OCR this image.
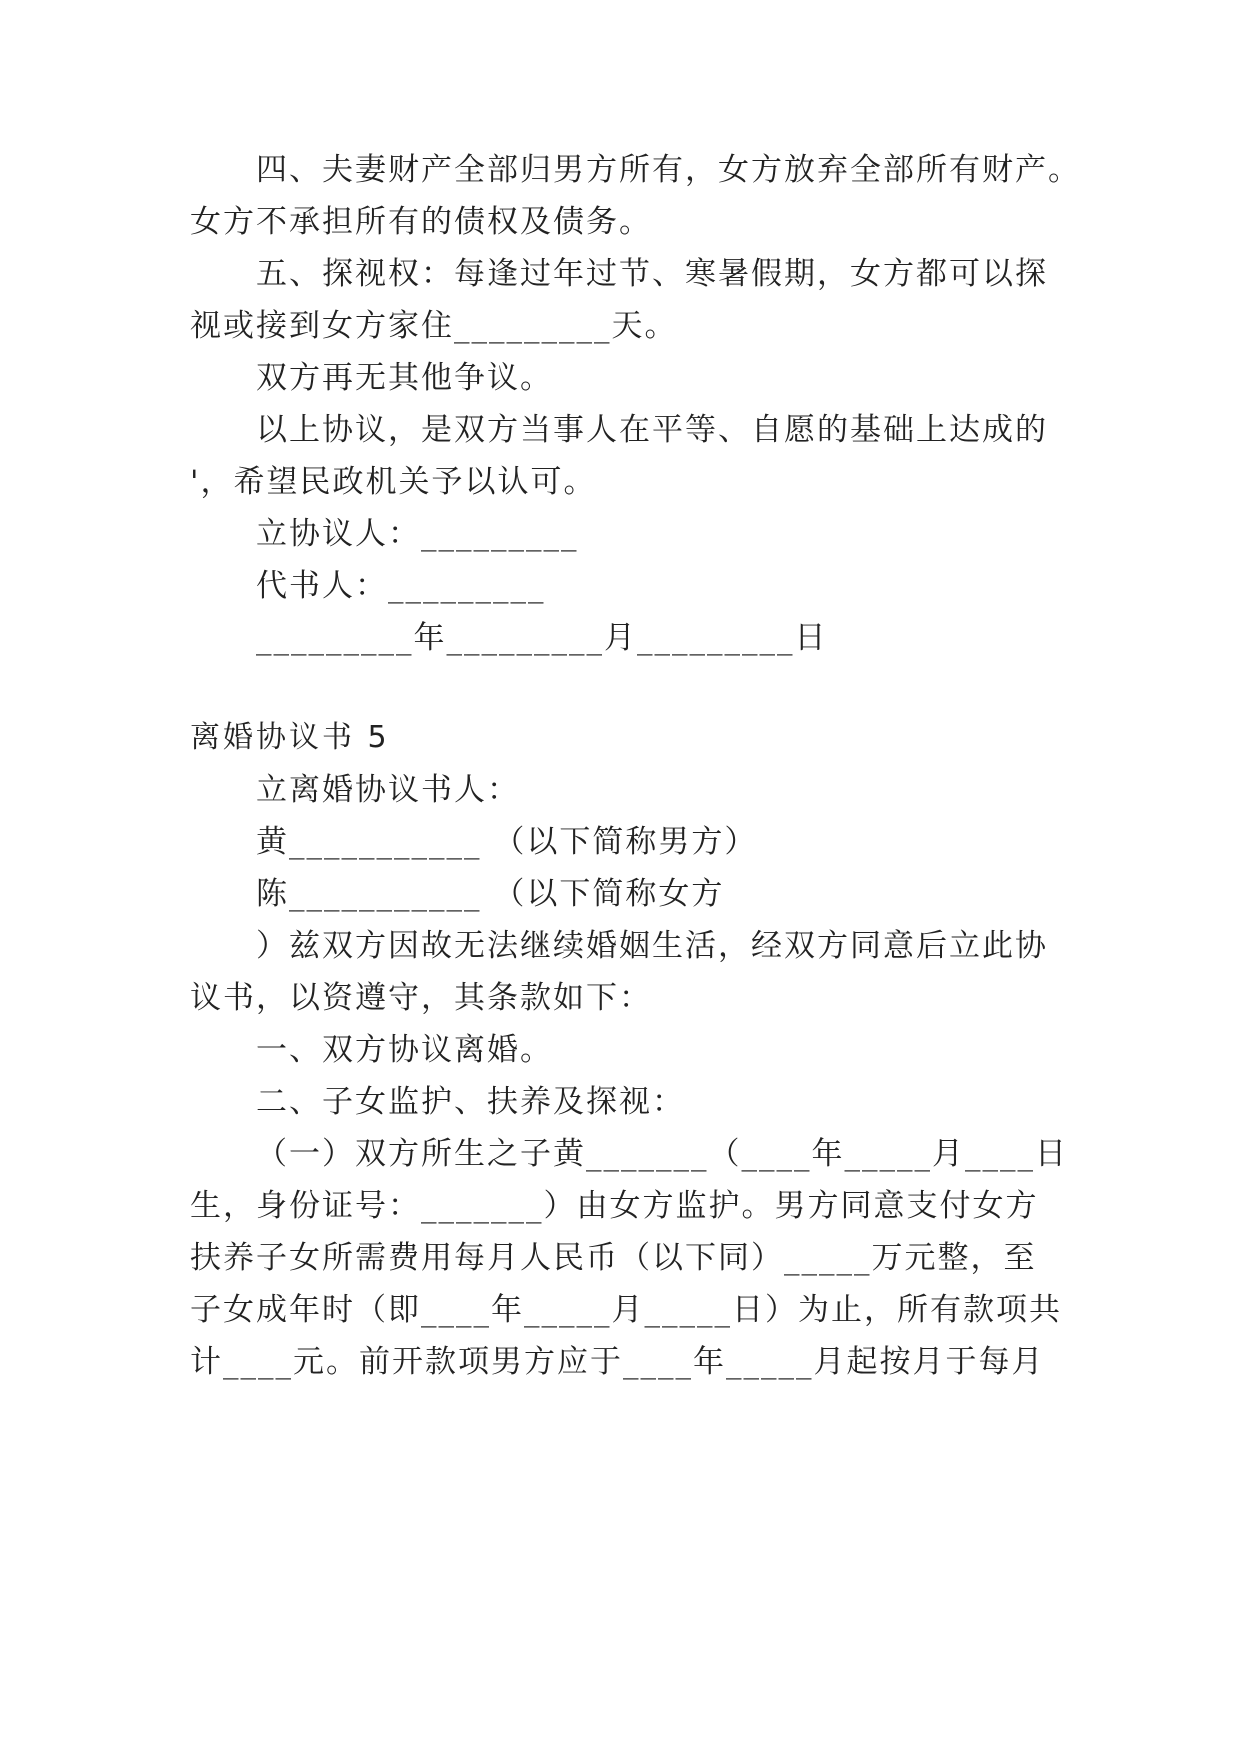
四、夫妻财产全部归男方所有，女方放弃全部所有财产。
女方不承担所有的债权及债务。
五、探视权：每逢过年过节、寒暑假期，女方都可以探
视或接到女方家住_________天。
双方再无其他争议。
以上协议，是双方当事人在平等、自愿的基础上达成的
'，希望民政机关予以认可。
立协议人：_________
代书人：_________
_________年_________月_________日
离婚协议书 5
立离婚协议书人：
黄___________ （以下简称男方）
陈___________ （以下简称女方
）兹双方因故无法继续婚姻生活，经双方同意后立此协
议书，以资遵守，其条款如下：
一、双方协议离婚。
二、子女监护、扶养及探视：
（一）双方所生之子黄_______（____年_____月____日
生，身份证号：_______）由女方监护。男方同意支付女方
扶养子女所需费用每月人民币（以下同）_____万元整，至
子女成年时（即____年_____月_____日）为止，所有款项共
计____元。前开款项男方应于____年_____月起按月于每月
